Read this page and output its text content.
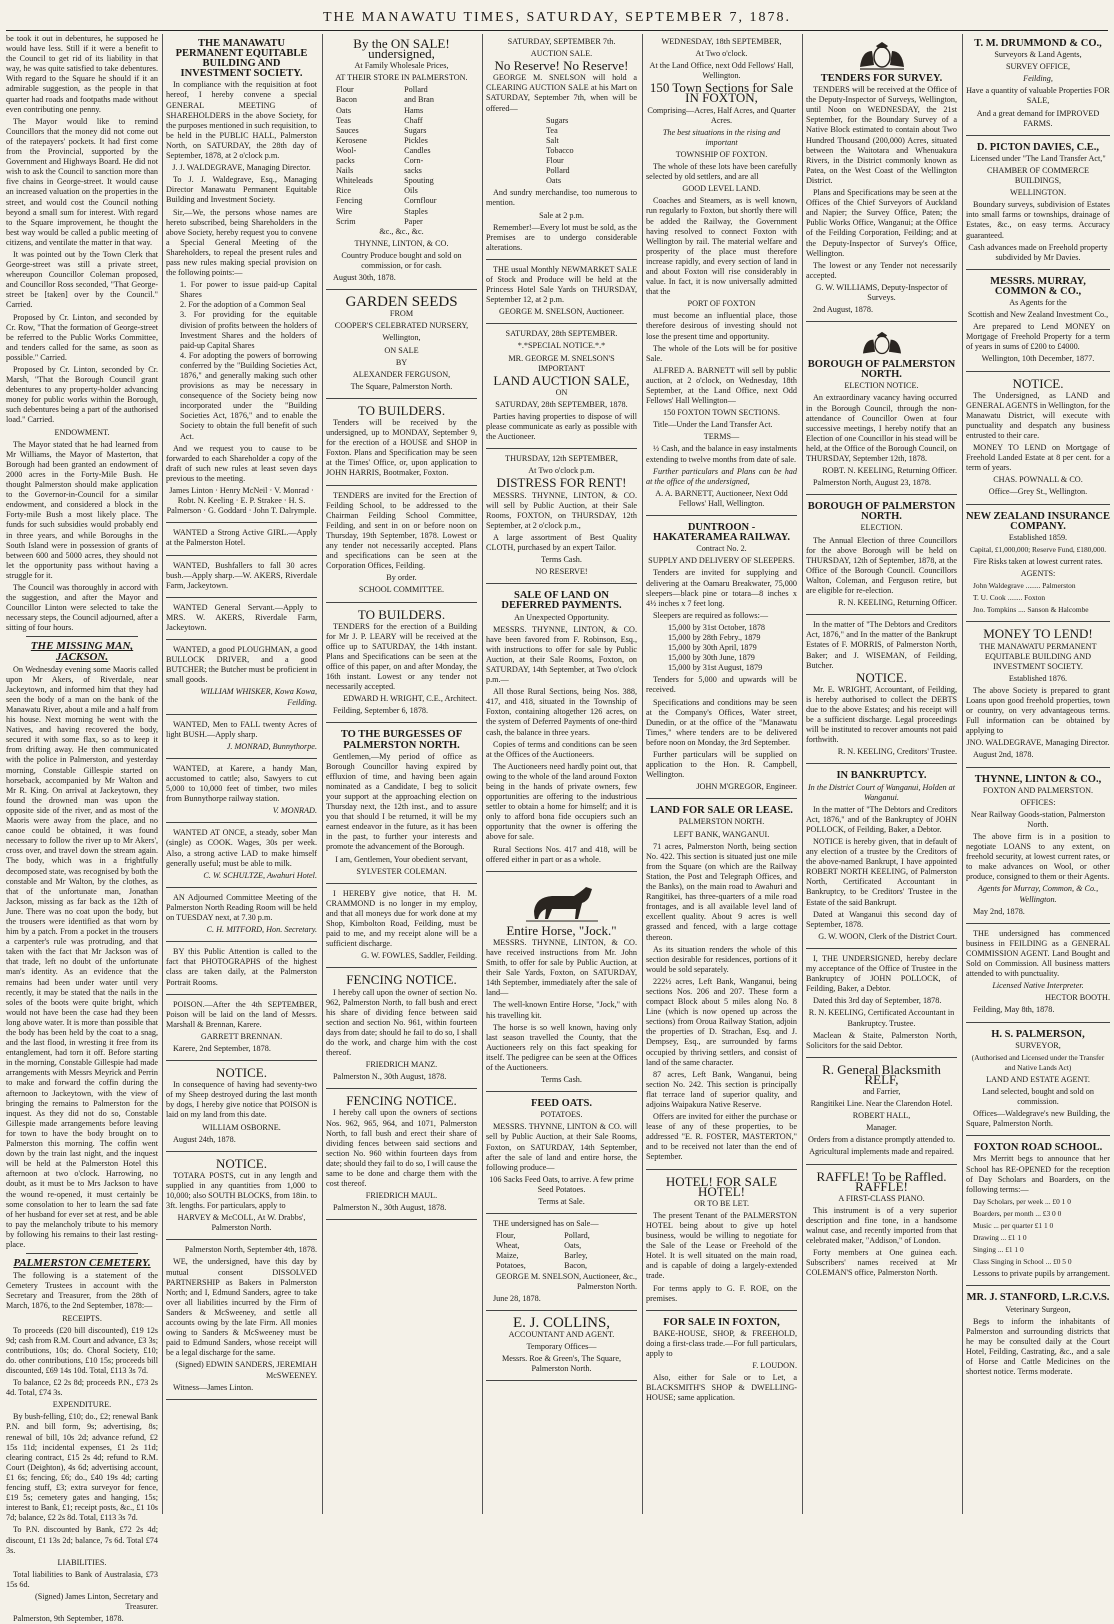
THE MANAWATU TIMES, SATURDAY, SEPTEMBER 7, 1878.

be took it out in debentures, he supposed he would have less. Still if it were a benefit to the Council to get rid of its liability in that way, he was quite satisfied to take debentures. With regard to the Square he should if it an admirable suggestion, as the people in that quarter had roads and footpaths made without even contributing one penny.

The Mayor would like to remind Councillors that the money did not come out of the ratepayers' pockets. It had first come from the Provincial, supported by the Government and Highways Board. He did not wish to ask the Council to sanction more than five chains in George-street. It would cause an increased valuation on the properties in the street, and would cost the Council nothing beyond a small sum for interest. With regard to the Square improvement, he thought the best way would be called a public meeting of citizens, and ventilate the matter in that way.

It was pointed out by the Town Clerk that George-street was still a private street, whereupon Councillor Coleman proposed, and Councillor Ross seconded, "That George-street be [taken] over by the Council." Carried.

Proposed by Cr. Linton, and seconded by Cr. Row, "That the formation of George-street be referred to the Public Works Committee, and tenders called for the same, as soon as possible." Carried.

Proposed by Cr. Linton, seconded by Cr. Marsh, "That the Borough Council grant debentures to any property-holder advancing money for public works within the Borough, such debentures being a part of the authorised load." Carried.

ENDOWMENT.

The Mayor stated that he had learned from Mr Williams, the Mayor of Masterton, that Borough had been granted an endowment of 2000 acres in the Forty-Mile Bush. He thought Palmerston should make application to the Governor-in-Council for a similar endowment, and considered a block in the Forty-mile Bush a most likely place. The funds for such subsidies would probably end in three years, and while Boroughs in the South Island were in possession of grants of between 600 and 5000 acres, they should not let the opportunity pass without having a struggle for it.

The Council was thoroughly in accord with the suggestion, and after the Mayor and Councillor Linton were selected to take the necessary steps, the Council adjourned, after a sitting of four hours.

THE MISSING MAN, JACKSON.

On Wednesday evening some Maoris called upon Mr Akers, of Riverdale, near Jackeytown, and informed him that they had seen the body of a man on the bank of the Manawatu River, about a mile and a half from his house. Next morning he went with the Natives, and having recovered the body, secured it with some flax, so as to keep it from drifting away. He then communicated with the police in Palmerston, and yesterday morning, Constable Gillespie started on horseback, accompanied by Mr Walton and Mr R. King. On arrival at Jackeytown, they found the drowned man was upon the opposite side of the river, and as most of the Maoris were away from the place, and no canoe could be obtained, it was found necessary to follow the river up to Mr Akers', cross over, and travel down the stream again. The body, which was in a frightfully decomposed state, was recognised by both the constable and Mr Walton, by the clothes, as that of the unfortunate man, Jonathan Jackson, missing as far back as the 12th of June. There was no coat upon the body, but the trousers were identified as that worn by him by a patch. From a pocket in the trousers a carpenter's rule was protruding, and that taken with the fact that Mr Jackson was of that trade, left no doubt of the unfortunate man's identity. As an evidence that the remains had been under water until very recently, it may be stated that the nails in the soles of the boots were quite bright, which would not have been the case had they been long above water. It is more than possible that the body has been held by the coat to a snag, and the last flood, in wresting it free from its entanglement, had torn it off. Before starting in the morning, Constable Gillespie had made arrangements with Messrs Meyrick and Perrin to make and forward the coffin during the afternoon to Jackeytown, with the view of bringing the remains to Palmerston for the inquest. As they did not do so, Constable Gillespie made arrangements before leaving for town to have the body brought on to Palmerston this morning. The coffin went down by the train last night, and the inquest will be held at the Palmerston Hotel this afternoon at two o'clock. Harrowing, no doubt, as it must be to Mrs Jackson to have the wound re-opened, it must certainly be some consolation to her to learn the sad fate of her husband for ever set at rest, and be able to pay the melancholy tribute to his memory by following his remains to their last resting-place.

PALMERSTON CEMETERY.

The following is a statement of the Cemetery Trustees in account with the Secretary and Treasurer, from the 28th of March, 1876, to the 2nd September, 1878:—

RECEIPTS.

To proceeds (£20 bill discounted), £19 12s 9d; cash from R.M. Court and advance, £3 3s; contributions, 10s; do. Choral Society, £10; do. other contributions, £10 15s; proceeds bill discounted, £69 14s 10d. Total, £113 3s 7d.

To balance, £2 2s 8d; proceeds P.N., £73 2s 4d. Total, £74 3s.

EXPENDITURE.

By bush-felling, £10; do., £2; renewal Bank P.N. and bill form, 9s; advertising, 8s; renewal of bill, 10s 2d; advance refund, £2 15s 11d; incidental expenses, £1 2s 11d; clearing contract, £15 2s 4d; refund to R.M. Court (Deighton), 4s 6d; advertising account, £1 6s; fencing, £6; do., £40 19s 4d; carting fencing stuff, £3; extra surveyor for fence, £19 5s; cemetery gates and hanging, 15s; interest to Bank, £1; receipt posts, &c., £1 10s 7d; balance, £2 2s 8d. Total, £113 3s 7d.

To P.N. discounted by Bank, £72 2s 4d; discount, £1 13s 2d; balance, 7s 6d. Total £74 3s.

LIABILITIES.

Total liabilities to Bank of Australasia, £73 15s 6d.

(Signed) James Linton, Secretary and Treasurer.

Palmerston, 9th September, 1878.

THE MANAWATU PERMANENT EQUITABLE BUILDING AND INVESTMENT SOCIETY.

In compliance with the requisition at foot hereof, I hereby convene a special GENERAL MEETING of SHAREHOLDERS in the above Society, for the purposes mentioned in such requisition, to be held in the PUBLIC HALL, Palmerston North, on SATURDAY, the 28th day of September, 1878, at 2 o'clock p.m.

J. J. WALDEGRAVE, Managing Director.

To J. J. Waldegrave, Esq., Managing Director Manawatu Permanent Equitable Building and Investment Society.

Sir,—We, the persons whose names are hereto subscribed, being Shareholders in the above Society, hereby request you to convene a Special General Meeting of the Shareholders, to repeal the present rules and pass new rules making special provision on the following points:—

1. For power to issue paid-up Capital Shares
2. For the adoption of a Common Seal
3. For providing for the equitable division of profits between the holders of Investment Shares and the holders of paid-up Capital Shares
4. For adopting the powers of borrowing conferred by the "Building Societies Act, 1876," and generally making such other provisions as may be necessary in consequence of the Society being now incorporated under the "Building Societies Act, 1876," and to enable the Society to obtain the full benefit of such Act.

And we request you to cause to be forwarded to each Shareholder a copy of the draft of such new rules at least seven days previous to the meeting.

James Linton · Henry McNeil · V. Monrad · Robt. N. Keeling · E. P. Strakee · H. S. Palmerson · G. Goddard · John T. Dalrymple.

WANTED a Strong Active GIRL.—Apply at the Palmerston Hotel.

WANTED, Bushfallers to fall 30 acres bush.—Apply sharp.—W. AKERS, Riverdale Farm, Jackeytown.

WANTED General Servant.—Apply to MRS. W. AKERS, Riverdale Farm, Jackeytown.

WANTED, a good PLOUGHMAN, a good BULLOCK DRIVER, and a good BUTCHER; the Butcher must be proficient in small goods.

WILLIAM WHISKER, Kowa Kowa, Feilding.

WANTED, Men to FALL twenty Acres of light BUSH.—Apply sharp.

J. MONRAD, Bunnythorpe.

WANTED, at Karere, a handy Man, accustomed to cattle; also, Sawyers to cut 5,000 to 10,000 feet of timber, two miles from Bunnythorpe railway station.

V. MONRAD.

WANTED AT ONCE, a steady, sober Man (single) as COOK. Wages, 30s per week. Also, a strong active LAD to make himself generally useful; must be able to milk.

C. W. SCHULTZE, Awahuri Hotel.

AN Adjourned Committee Meeting of the Palmerston North Reading Room will be held on TUESDAY next, at 7.30 p.m.

C. H. MITFORD, Hon. Secretary.

BY this Public Attention is called to the fact that PHOTOGRAPHS of the highest class are taken daily, at the Palmerston Portrait Rooms.

POISON.—After the 4th SEPTEMBER, Poison will be laid on the land of Messrs. Marshall & Brennan, Karere.

GARRETT BRENNAN.

Karere, 2nd September, 1878.

NOTICE.

In consequence of having had seventy-two of my Sheep destroyed during the last month by dogs, I hereby give notice that POISON is laid on my land from this date.

WILLIAM OSBORNE.

August 24th, 1878.

NOTICE.

TOTARA POSTS, cut in any length and supplied in any quantities from 1,000 to 10,000; also SOUTH BLOCKS, from 18in. to 3ft. lengths. For particulars, apply to

HARVEY & McCOLL, At W. Drabbs', Palmerston North.

Palmerston North, September 4th, 1878.

WE, the undersigned, have this day by mutual consent DISSOLVED PARTNERSHIP as Bakers in Palmerston North; and I, Edmund Sanders, agree to take over all liabilities incurred by the Firm of Sanders & McSweeney, and settle all accounts owing by the late Firm. All monies owing to Sanders & McSweeney must be paid to Edmund Sanders, whose receipt will be a legal discharge for the same.

(Signed) EDWIN SANDERS, JEREMIAH McSWEENEY.

Witness—James Linton.

By the ON SALE! undersigned,

At Family Wholesale Prices,

AT THEIR STORE IN PALMERSTON.

Flour
Bacon
Oats
Teas
Sauces
Kerosene
Wool-packs
Nails
Whiteleads
Rice
Fencing Wire
Scrim
Pollard and Bran
Hams
Chaff
Sugars
Pickles
Candles
Corn-sacks
Spouting
Oils
Cornflour
Staples
Paper

&c., &c., &c.

THYNNE, LINTON, & CO.

Country Produce bought and sold on commission, or for cash.

August 30th, 1878.

GARDEN SEEDS

FROM

COOPER'S CELEBRATED NURSERY,

Wellington,

ON SALE

BY

ALEXANDER FERGUSON,

The Square, Palmerston North.

TO BUILDERS.

Tenders will be received by the undersigned, up to MONDAY, September 9, for the erection of a HOUSE and SHOP in Foxton. Plans and Specification may be seen at the Times' Office, or, upon application to JOHN HARRIS, Bootmaker, Foxton.

TENDERS are invited for the Erection of Feilding School, to be addressed to the Chairman Feilding School Committee, Feilding, and sent in on or before noon on Thursday, 19th September, 1878. Lowest or any tender not necessarily accepted. Plans and specifications can be seen at the Corporation Offices, Feilding.

By order.

SCHOOL COMMITTEE.

TO BUILDERS.

TENDERS for the erection of a Building for Mr J. P. LEARY will be received at the office up to SATURDAY, the 14th instant. Plans and Specifications can be seen at the office of this paper, on and after Monday, the 16th instant. Lowest or any tender not necessarily accepted.

EDWARD H. WRIGHT, C.E., Architect.

Feilding, September 6, 1878.

TO THE BURGESSES OF PALMERSTON NORTH.

Gentlemen,—My period of office as Borough Councillor having expired by effluxion of time, and having been again nominated as a Candidate, I beg to solicit your support at the approaching election on Thursday next, the 12th inst., and to assure you that should I be returned, it will be my earnest endeavor in the future, as it has been in the past, to further your interests and promote the advancement of the Borough.

I am, Gentlemen, Your obedient servant,

SYLVESTER COLEMAN.

I HEREBY give notice, that H. M. CRAMMOND is no longer in my employ, and that all moneys due for work done at my Shop, Kimbolton Road, Feilding, must be paid to me, and my receipt alone will be a sufficient discharge.

G. W. FOWLES, Saddler, Feilding.

FENCING NOTICE.

I hereby call upon the owner of section No. 962, Palmerston North, to fall bush and erect his share of dividing fence between said section and section No. 961, within fourteen days from date; should he fail to do so, I shall do the work, and charge him with the cost thereof.

FRIEDRICH MANZ.

Palmerston N., 30th August, 1878.

FENCING NOTICE.

I hereby call upon the owners of sections Nos. 962, 965, 964, and 1071, Palmerston North, to fall bush and erect their share of dividing fences between said sections and section No. 960 within fourteen days from date; should they fail to do so, I will cause the same to be done and charge them with the cost thereof.

FRIEDRICH MAUL.

Palmerston N., 30th August, 1878.

SATURDAY, SEPTEMBER 7th.

AUCTION SALE.

No Reserve! No Reserve!

GEORGE M. SNELSON will hold a CLEARING AUCTION SALE at his Mart on SATURDAY, September 7th, when will be offered—

Sugars
Tea
Salt
Tobacco
Flour
Pollard
Oats

And sundry merchandise, too numerous to mention.

Sale at 2 p.m.

Remember!—Every lot must be sold, as the Premises are to undergo considerable alterations.

THE usual Monthly NEWMARKET SALE of Stock and Produce will be held at the Princess Hotel Sale Yards on THURSDAY, September 12, at 2 p.m.

GEORGE M. SNELSON, Auctioneer.

SATURDAY, 28th SEPTEMBER.

*.*SPECIAL NOTICE.*.*

MR. GEORGE M. SNELSON'S IMPORTANT

LAND AUCTION SALE,

ON

SATURDAY, 28th SEPTEMBER, 1878.

Parties having properties to dispose of will please communicate as early as possible with the Auctioneer.

THURSDAY, 12th SEPTEMBER,

At Two o'clock p.m.

DISTRESS FOR RENT!

MESSRS. THYNNE, LINTON, & CO. will sell by Public Auction, at their Sale Rooms, FOXTON, on THURSDAY, 12th September, at 2 o'clock p.m.,

A large assortment of Best Quality CLOTH, purchased by an expert Tailor.

Terms Cash.

NO RESERVE!

SALE OF LAND ON DEFERRED PAYMENTS.

An Unexpected Opportunity.

MESSRS. THYNNE, LINTON, & CO. have been favored from F. Robinson, Esq., with instructions to offer for sale by Public Auction, at their Sale Rooms, Foxton, on SATURDAY, 14th September, at Two o'clock p.m.—

All those Rural Sections, being Nos. 388, 417, and 418, situated in the Township of Foxton, containing altogether 126 acres, on the system of Deferred Payments of one-third cash, the balance in three years.

Copies of terms and conditions can be seen at the Offices of the Auctioneers.

The Auctioneers need hardly point out, that owing to the whole of the land around Foxton being in the hands of private owners, few opportunities are offering to the industrious settler to obtain a home for himself; and it is only to afford bona fide occupiers such an opportunity that the owner is offering the above for sale.

Rural Sections Nos. 417 and 418, will be offered either in part or as a whole.

Entire Horse, "Jock."

MESSRS. THYNNE, LINTON, & CO. have received instructions from Mr. John Smith, to offer for sale by Public Auction, at their Sale Yards, Foxton, on SATURDAY, 14th September, immediately after the sale of land—

The well-known Entire Horse, "Jock," with his travelling kit.

The horse is so well known, having only last season travelled the County, that the Auctioneers rely on this fact speaking for itself. The pedigree can be seen at the Offices of the Auctioneers.

Terms Cash.

FEED OATS.

POTATOES.

MESSRS. THYNNE, LINTON & CO. will sell by Public Auction, at their Sale Rooms, Foxton, on SATURDAY, 14th September, after the sale of land and entire horse, the following produce—

106 Sacks Feed Oats, to arrive. A few prime Seed Potatoes.

Terms at Sale.

THE undersigned has on Sale—

Flour,
Wheat,
Maize,
Potatoes,
Pollard,
Oats,
Barley,
Bacon,

GEORGE M. SNELSON, Auctioneer, &c., Palmerston North.

June 28, 1878.

E. J. COLLINS,

ACCOUNTANT AND AGENT.

Temporary Offices—

Messrs. Roe & Green's, The Square, Palmerston North.

WEDNESDAY, 18th SEPTEMBER,

At Two o'clock.

At the Land Office, next Odd Fellows' Hall, Wellington.

150 Town Sections for Sale IN FOXTON,

Comprising—Acres, Half Acres, and Quarter Acres.

The best situations in the rising and important

TOWNSHIP OF FOXTON.

The whole of these lots have been carefully selected by old settlers, and are all

GOOD LEVEL LAND.

Coaches and Steamers, as is well known, run regularly to Foxton, but shortly there will be added the Railway, the Government having resolved to connect Foxton with Wellington by rail. The material welfare and prosperity of the place must therefore increase rapidly, and every section of land in and about Foxton will rise considerably in value. In fact, it is now universally admitted that the

PORT OF FOXTON

must become an influential place, those therefore desirous of investing should not lose the present time and opportunity.

The whole of the Lots will be for positive Sale.

ALFRED A. BARNETT will sell by public auction, at 2 o'clock, on Wednesday, 18th September, at the Land Office, next Odd Fellows' Hall Wellington—

150 FOXTON TOWN SECTIONS.

Title—Under the Land Transfer Act.

TERMS—

½ Cash, and the balance in easy instalments extending to twelve months from date of sale.

Further particulars and Plans can be had at the office of the undersigned,

A. A. BARNETT, Auctioneer, Next Odd Fellows' Hall, Wellington.

DUNTROON - HAKATERAMEA RAILWAY.

Contract No. 2.

SUPPLY AND DELIVERY OF SLEEPERS.

Tenders are invited for supplying and delivering at the Oamaru Breakwater, 75,000 sleepers—black pine or totara—8 inches x 4½ inches x 7 feet long.

Sleepers are required as follows:—

15,000 by 31st October, 1878
15,000 by 28th Febry., 1879
15,000 by 30th April, 1879
15,000 by 30th June, 1879
15,000 by 31st August, 1879

Tenders for 5,000 and upwards will be received.

Specifications and conditions may be seen at the Company's Offices, Water street, Dunedin, or at the office of the "Manawatu Times," where tenders are to be delivered before noon on Monday, the 3rd September.

Further particulars will be supplied on application to the Hon. R. Campbell, Wellington.

JOHN M'GREGOR, Engineer.

LAND FOR SALE OR LEASE.

PALMERSTON NORTH.

LEFT BANK, WANGANUI.

71 acres, Palmerston North, being section No. 422. This section is situated just one mile from the Square (on which are the Railway Station, the Post and Telegraph Offices, and the Banks), on the main road to Awahuri and Rangitikei, has three-quarters of a mile road frontages, and is all available level land of excellent quality. About 9 acres is well grassed and fenced, with a large cottage thereon.

As its situation renders the whole of this section desirable for residences, portions of it would be sold separately.

222½ acres, Left Bank, Wanganui, being sections Nos. 206 and 207. These form a compact Block about 5 miles along No. 8 Line (which is now opened up across the sections) from Oroua Railway Station, adjoin the properties of D. Strachan, Esq. and J. Dempsey, Esq., are surrounded by farms occupied by thriving settlers, and consist of land of the same character.

87 acres, Left Bank, Wanganui, being section No. 242. This section is principally flat terrace land of superior quality, and adjoins Waipakura Native Reserve.

Offers are invited for either the purchase or lease of any of these properties, to be addressed "E. R. FOSTER, MASTERTON," and to be received not later than the end of September.

HOTEL! FOR SALE HOTEL!

OR TO BE LET.

The present Tenant of the PALMERSTON HOTEL being about to give up hotel business, would be willing to negotiate for the Sale of the Lease or Freehold of the Hotel. It is well situated on the main road, and is capable of doing a largely-extended trade.

For terms apply to G. F. ROE, on the premises.

FOR SALE IN FOXTON,

BAKE-HOUSE, SHOP, & FREEHOLD, doing a first-class trade.—For full particulars, apply to

F. LOUDON.

Also, either for Sale or to Let, a BLACKSMITH'S SHOP & DWELLING-HOUSE; same application.

TENDERS FOR SURVEY.

TENDERS will be received at the Office of the Deputy-Inspector of Surveys, Wellington, until Noon on WEDNESDAY, the 21st September, for the Boundary Survey of a Native Block estimated to contain about Two Hundred Thousand (200,000) Acres, situated between the Waitotara and Whenuakura Rivers, in the District commonly known as Patea, on the West Coast of the Wellington District.

Plans and Specifications may be seen at the Offices of the Chief Surveyors of Auckland and Napier; the Survey Office, Paten; the Public Works Office, Wanganui; at the Office of the Feilding Corporation, Feilding; and at the Deputy-Inspector of Survey's Office, Wellington.

The lowest or any Tender not necessarily accepted.

G. W. WILLIAMS, Deputy-Inspector of Surveys.

2nd August, 1878.

BOROUGH OF PALMERSTON NORTH.

ELECTION NOTICE.

An extraordinary vacancy having occurred in the Borough Council, through the non-attendance of Councillor Owen at four successive meetings, I hereby notify that an Election of one Councillor in his stead will be held, at the Office of the Borough Council, on THURSDAY, September 12th, 1878.

ROBT. N. KEELING, Returning Officer.

Palmerston North, August 23, 1878.

BOROUGH OF PALMERSTON NORTH.

ELECTION.

The Annual Election of three Councillors for the above Borough will be held on THURSDAY, 12th of September, 1878, at the Office of the Borough Council. Councillors Walton, Coleman, and Ferguson retire, but are eligible for re-election.

R. N. KEELING, Returning Officer.

In the matter of "The Debtors and Creditors Act, 1876," and In the matter of the Bankrupt Estates of F. MORRIS, of Palmerston North, Baker; and J. WISEMAN, of Feilding, Butcher.

NOTICE.

Mr. E. WRIGHT, Accountant, of Feilding, is hereby authorised to collect the DEBTS due to the above Estates; and his receipt will be a sufficient discharge. Legal proceedings will be instituted to recover amounts not paid forthwith.

R. N. KEELING, Creditors' Trustee.

IN BANKRUPTCY.

In the District Court of Wanganui, Holden at Wanganui.

In the matter of "The Debtors and Creditors Act, 1876," and of the Bankruptcy of JOHN POLLOCK, of Feilding, Baker, a Debtor.

NOTICE is hereby given, that in default of any election of a trustee by the Creditors of the above-named Bankrupt, I have appointed ROBERT NORTH KEELING, of Palmerston North, Certificated Accountant in Bankruptcy, to be Creditors' Trustee in the Estate of the said Bankrupt.

Dated at Wanganui this second day of September, 1878.

G. W. WOON, Clerk of the District Court.

I, THE UNDERSIGNED, hereby declare my acceptance of the Office of Trustee in the Bankruptcy of JOHN POLLOCK, of Feilding, Baker, a Debtor.

Dated this 3rd day of September, 1878.

R. N. KEELING, Certificated Accountant in Bankruptcy. Trustee.

Maclean & Staite, Palmerston North, Solicitors for the said Debtor.

R. General Blacksmith RELF,

and Farrier,

Rangitikei Line. Near the Clarendon Hotel.

ROBERT HALL,

Manager.

Orders from a distance promptly attended to.

Agricultural implements made and repaired.

RAFFLE! To be Raffled. RAFFLE!

A FIRST-CLASS PIANO.

This instrument is of a very superior description and fine tone, in a handsome walnut case, and recently imported from that celebrated maker, "Addison," of London.

Forty members at One guinea each. Subscribers' names received at Mr COLEMAN'S office, Palmerston North.

T. M. DRUMMOND & CO.,

Surveyors & Land Agents,

SURVEY OFFICE,

Feilding,

Have a quantity of valuable Properties FOR SALE,

And a great demand for IMPROVED FARMS.

D. PICTON DAVIES, C.E.,

Licensed under "The Land Transfer Act,"

CHAMBER OF COMMERCE BUILDINGS,

WELLINGTON.

Boundary surveys, subdivision of Estates into small farms or townships, drainage of Estates, &c., on easy terms. Accuracy guaranteed.

Cash advances made on Freehold property subdivided by Mr Davies.

MESSRS. MURRAY, COMMON & CO.,

As Agents for the

Scottish and New Zealand Investment Co.,

Are prepared to Lend MONEY on Mortgage of Freehold Property for a term of years in sums of £200 to £4000.

Wellington, 10th December, 1877.

NOTICE.

The Undersigned, as LAND and GENERAL AGENTS in Wellington, for the Manawatu District, will execute with punctuality and despatch any business entrusted to their care.

MONEY TO LEND on Mortgage of Freehold Landed Estate at 8 per cent. for a term of years.

CHAS. POWNALL & CO.

Office—Grey St., Wellington.

NEW ZEALAND INSURANCE COMPANY.

Established 1859.

Capital, £1,000,000; Reserve Fund, £180,000.

Fire Risks taken at lowest current rates.

AGENTS:

John Waldegrave ........ Palmerston

T. U. Cook ........ Foxton

Jno. Tompkins .... Sanson & Halcombe

MONEY TO LEND!

THE MANAWATU PERMANENT EQUITABLE BUILDING AND INVESTMENT SOCIETY.

Established 1876.

The above Society is prepared to grant Loans upon good freehold properties, town or country, on very advantageous terms. Full information can be obtained by applying to

JNO. WALDEGRAVE, Managing Director.

August 2nd, 1878.

THYNNE, LINTON & CO.,

FOXTON AND PALMERSTON.

OFFICES:

Near Railway Goods-station, Palmerston North.

The above firm is in a position to negotiate LOANS to any extent, on freehold security, at lowest current rates, or to make advances on Wool, or other produce, consigned to them or their Agents.

Agents for Murray, Common, & Co., Wellington.

May 2nd, 1878.

THE undersigned has commenced business in FEILDING as a GENERAL COMMISSION AGENT. Land Bought and Sold on Commission. All business matters attended to with punctuality.

Licensed Native Interpreter.

HECTOR BOOTH.

Feilding, May 8th, 1878.

H. S. PALMERSON,

SURVEYOR,

(Authorised and Licensed under the Transfer and Native Lands Act)

LAND AND ESTATE AGENT.

Land selected, bought and sold on commission.

Offices—Waldegrave's new Building, the Square, Palmerston North.

FOXTON ROAD SCHOOL.

Mrs Merritt begs to announce that her School has RE-OPENED for the reception of Day Scholars and Boarders, on the following terms:—

Day Scholars, per week ... £0 1 0

Boarders, per month ... £3 0 0

Music ... per quarter £1 1 0

Drawing ... £1 1 0

Singing ... £1 1 0

Class Singing in School ... £0 5 0

Lessons to private pupils by arrangement.

MR. J. STANFORD, L.R.C.V.S.

Veterinary Surgeon,

Begs to inform the inhabitants of Palmerston and surrounding districts that he may be consulted daily at the Court Hotel, Feilding, Castrating, &c., and a sale of Horse and Cattle Medicines on the shortest notice. Terms moderate.
